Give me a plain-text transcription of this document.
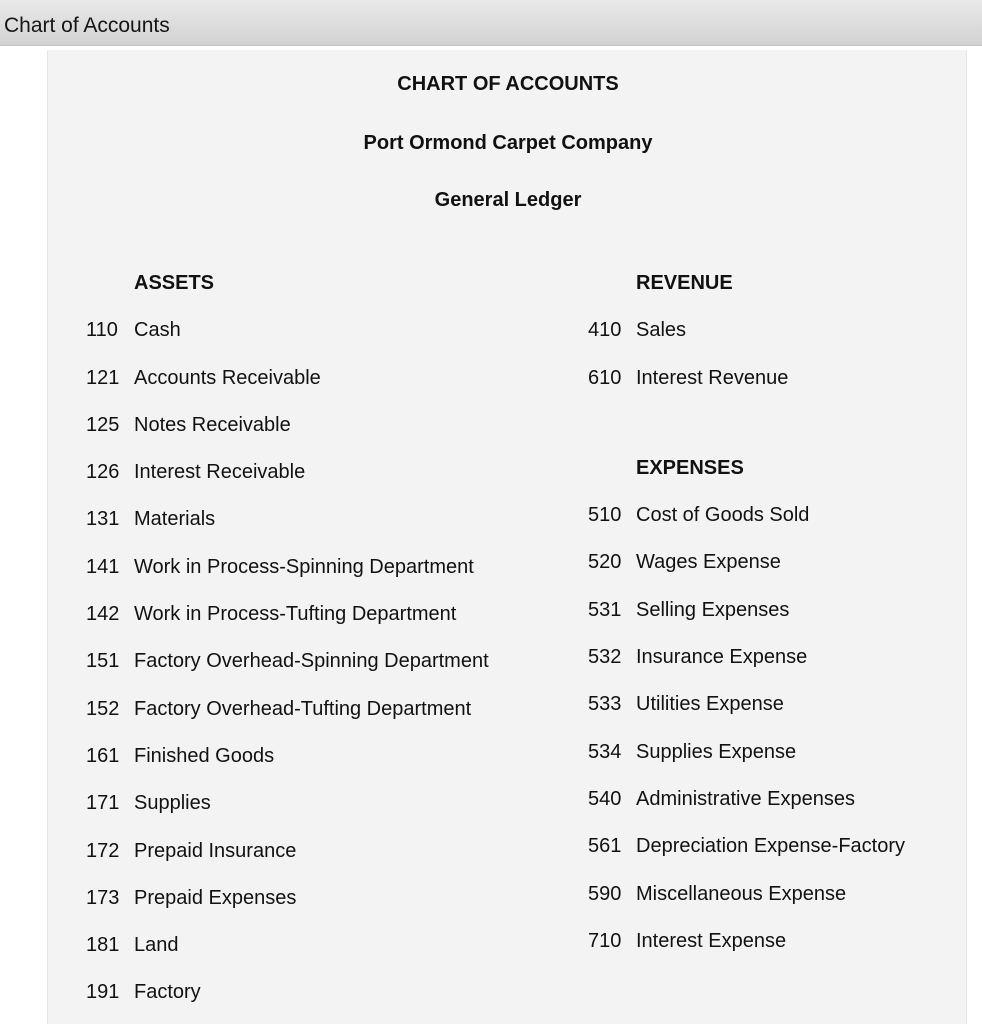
Chart of Accounts
CHART OF ACCOUNTS
Port Ormond Carpet Company
General Ledger
ASSETS
110 Cash
121 Accounts Receivable
125 Notes Receivable
126 Interest Receivable
131 Materials
141 Work in Process-Spinning Department
142 Work in Process-Tufting Department
151 Factory Overhead-Spinning Department
152 Factory Overhead-Tufting Department
161 Finished Goods
171 Supplies
172 Prepaid Insurance
173 Prepaid Expenses
181 Land
191 Factory
REVENUE
410 Sales
610 Interest Revenue
EXPENSES
510 Cost of Goods Sold
520 Wages Expense
531 Selling Expenses
532 Insurance Expense
533 Utilities Expense
534 Supplies Expense
540 Administrative Expenses
561 Depreciation Expense-Factory
590 Miscellaneous Expense
710 Interest Expense
